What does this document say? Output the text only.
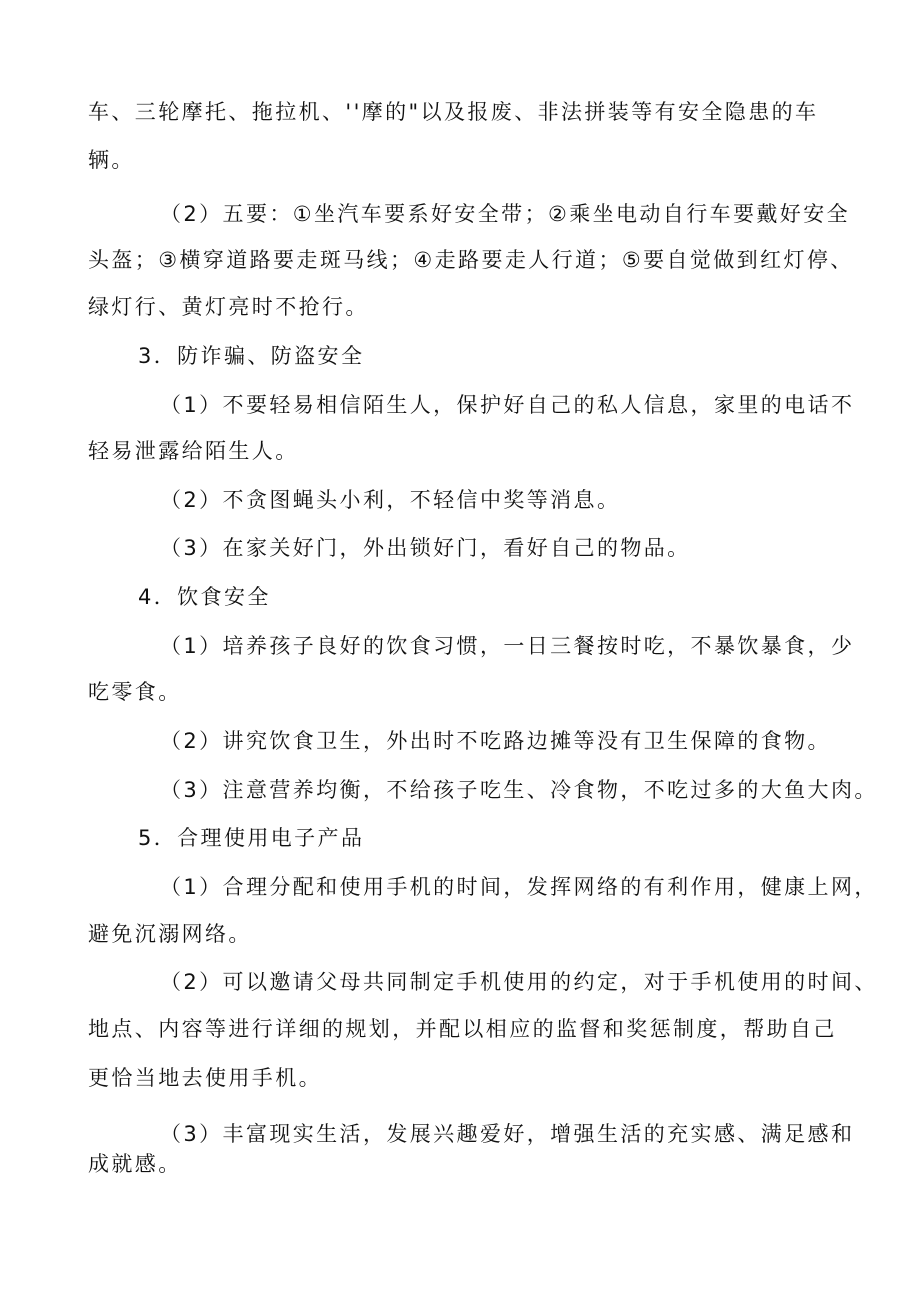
车、三轮摩托、拖拉机、''摩的"以及报废、非法拼装等有安全隐患的车
辆。
（2）五要：①坐汽车要系好安全带；②乘坐电动自行车要戴好安全
头盔；③横穿道路要走斑马线；④走路要走人行道；⑤要自觉做到红灯停、
绿灯行、黄灯亮时不抢行。
3．防诈骗、防盗安全
（1）不要轻易相信陌生人，保护好自己的私人信息，家里的电话不
轻易泄露给陌生人。
（2）不贪图蝇头小利，不轻信中奖等消息。
（3）在家关好门，外出锁好门，看好自己的物品。
4．饮食安全
（1）培养孩子良好的饮食习惯，一日三餐按时吃，不暴饮暴食，少
吃零食。
（2）讲究饮食卫生，外出时不吃路边摊等没有卫生保障的食物。
（3）注意营养均衡，不给孩子吃生、冷食物，不吃过多的大鱼大肉。
5．合理使用电子产品
（1）合理分配和使用手机的时间，发挥网络的有利作用，健康上网，
避免沉溺网络。
（2）可以邀请父母共同制定手机使用的约定，对于手机使用的时间、
地点、内容等进行详细的规划，并配以相应的监督和奖惩制度，帮助自己
更恰当地去使用手机。
（3）丰富现实生活，发展兴趣爱好，增强生活的充实感、满足感和
成就感。
